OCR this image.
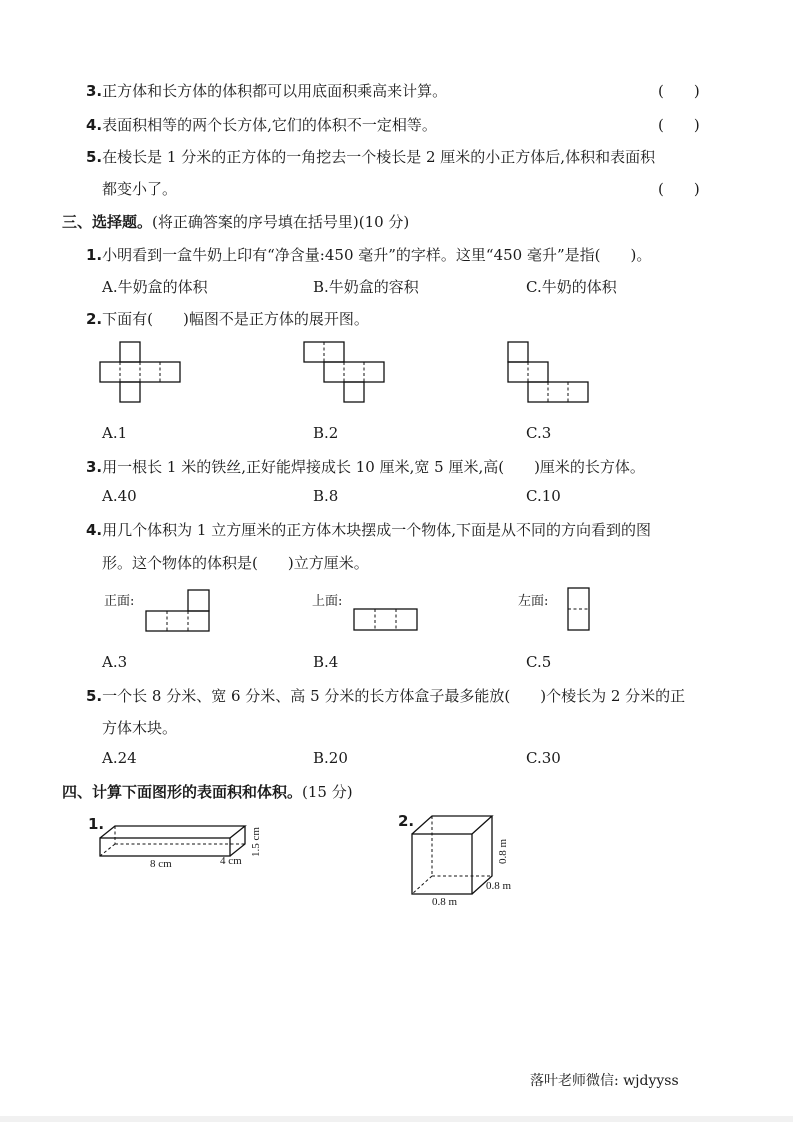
3.正方体和长方体的体积都可以用底面积乘高来计算。	(　　)
4.表面积相等的两个长方体,它们的体积不一定相等。	(　　)
5.在棱长是 1 分米的正方体的一角挖去一个棱长是 2 厘米的小正方体后,体积和表面积
都变小了。	(　　)
三、选择题。(将正确答案的序号填在括号里)(10 分)
1.小明看到一盒牛奶上印有“净含量:450 毫升”的字样。这里“450 毫升”是指(　　)。
A.牛奶盒的体积	B.牛奶盒的容积	C.牛奶的体积
2.下面有(　　)幅图不是正方体的展开图。
A.1	B.2	C.3
3.用一根长 1 米的铁丝,正好能焊接成长 10 厘米,宽 5 厘米,高(　　)厘米的长方体。
A.40	B.8	C.10
4.用几个体积为 1 立方厘米的正方体木块摆成一个物体,下面是从不同的方向看到的图
形。这个物体的体积是(　　)立方厘米。
正面:	上面:	左面:
A.3	B.4	C.5
5.一个长 8 分米、宽 6 分米、高 5 分米的长方体盒子最多能放(　　)个棱长为 2 分米的正
方体木块。
A.24	B.20	C.30
四、计算下面图形的表面积和体积。(15 分)
1.
8 cm	4 cm
1.5 cm
2.
0.8 m
0.8 m
0.8 m
落叶老师微信: wjdyyss
